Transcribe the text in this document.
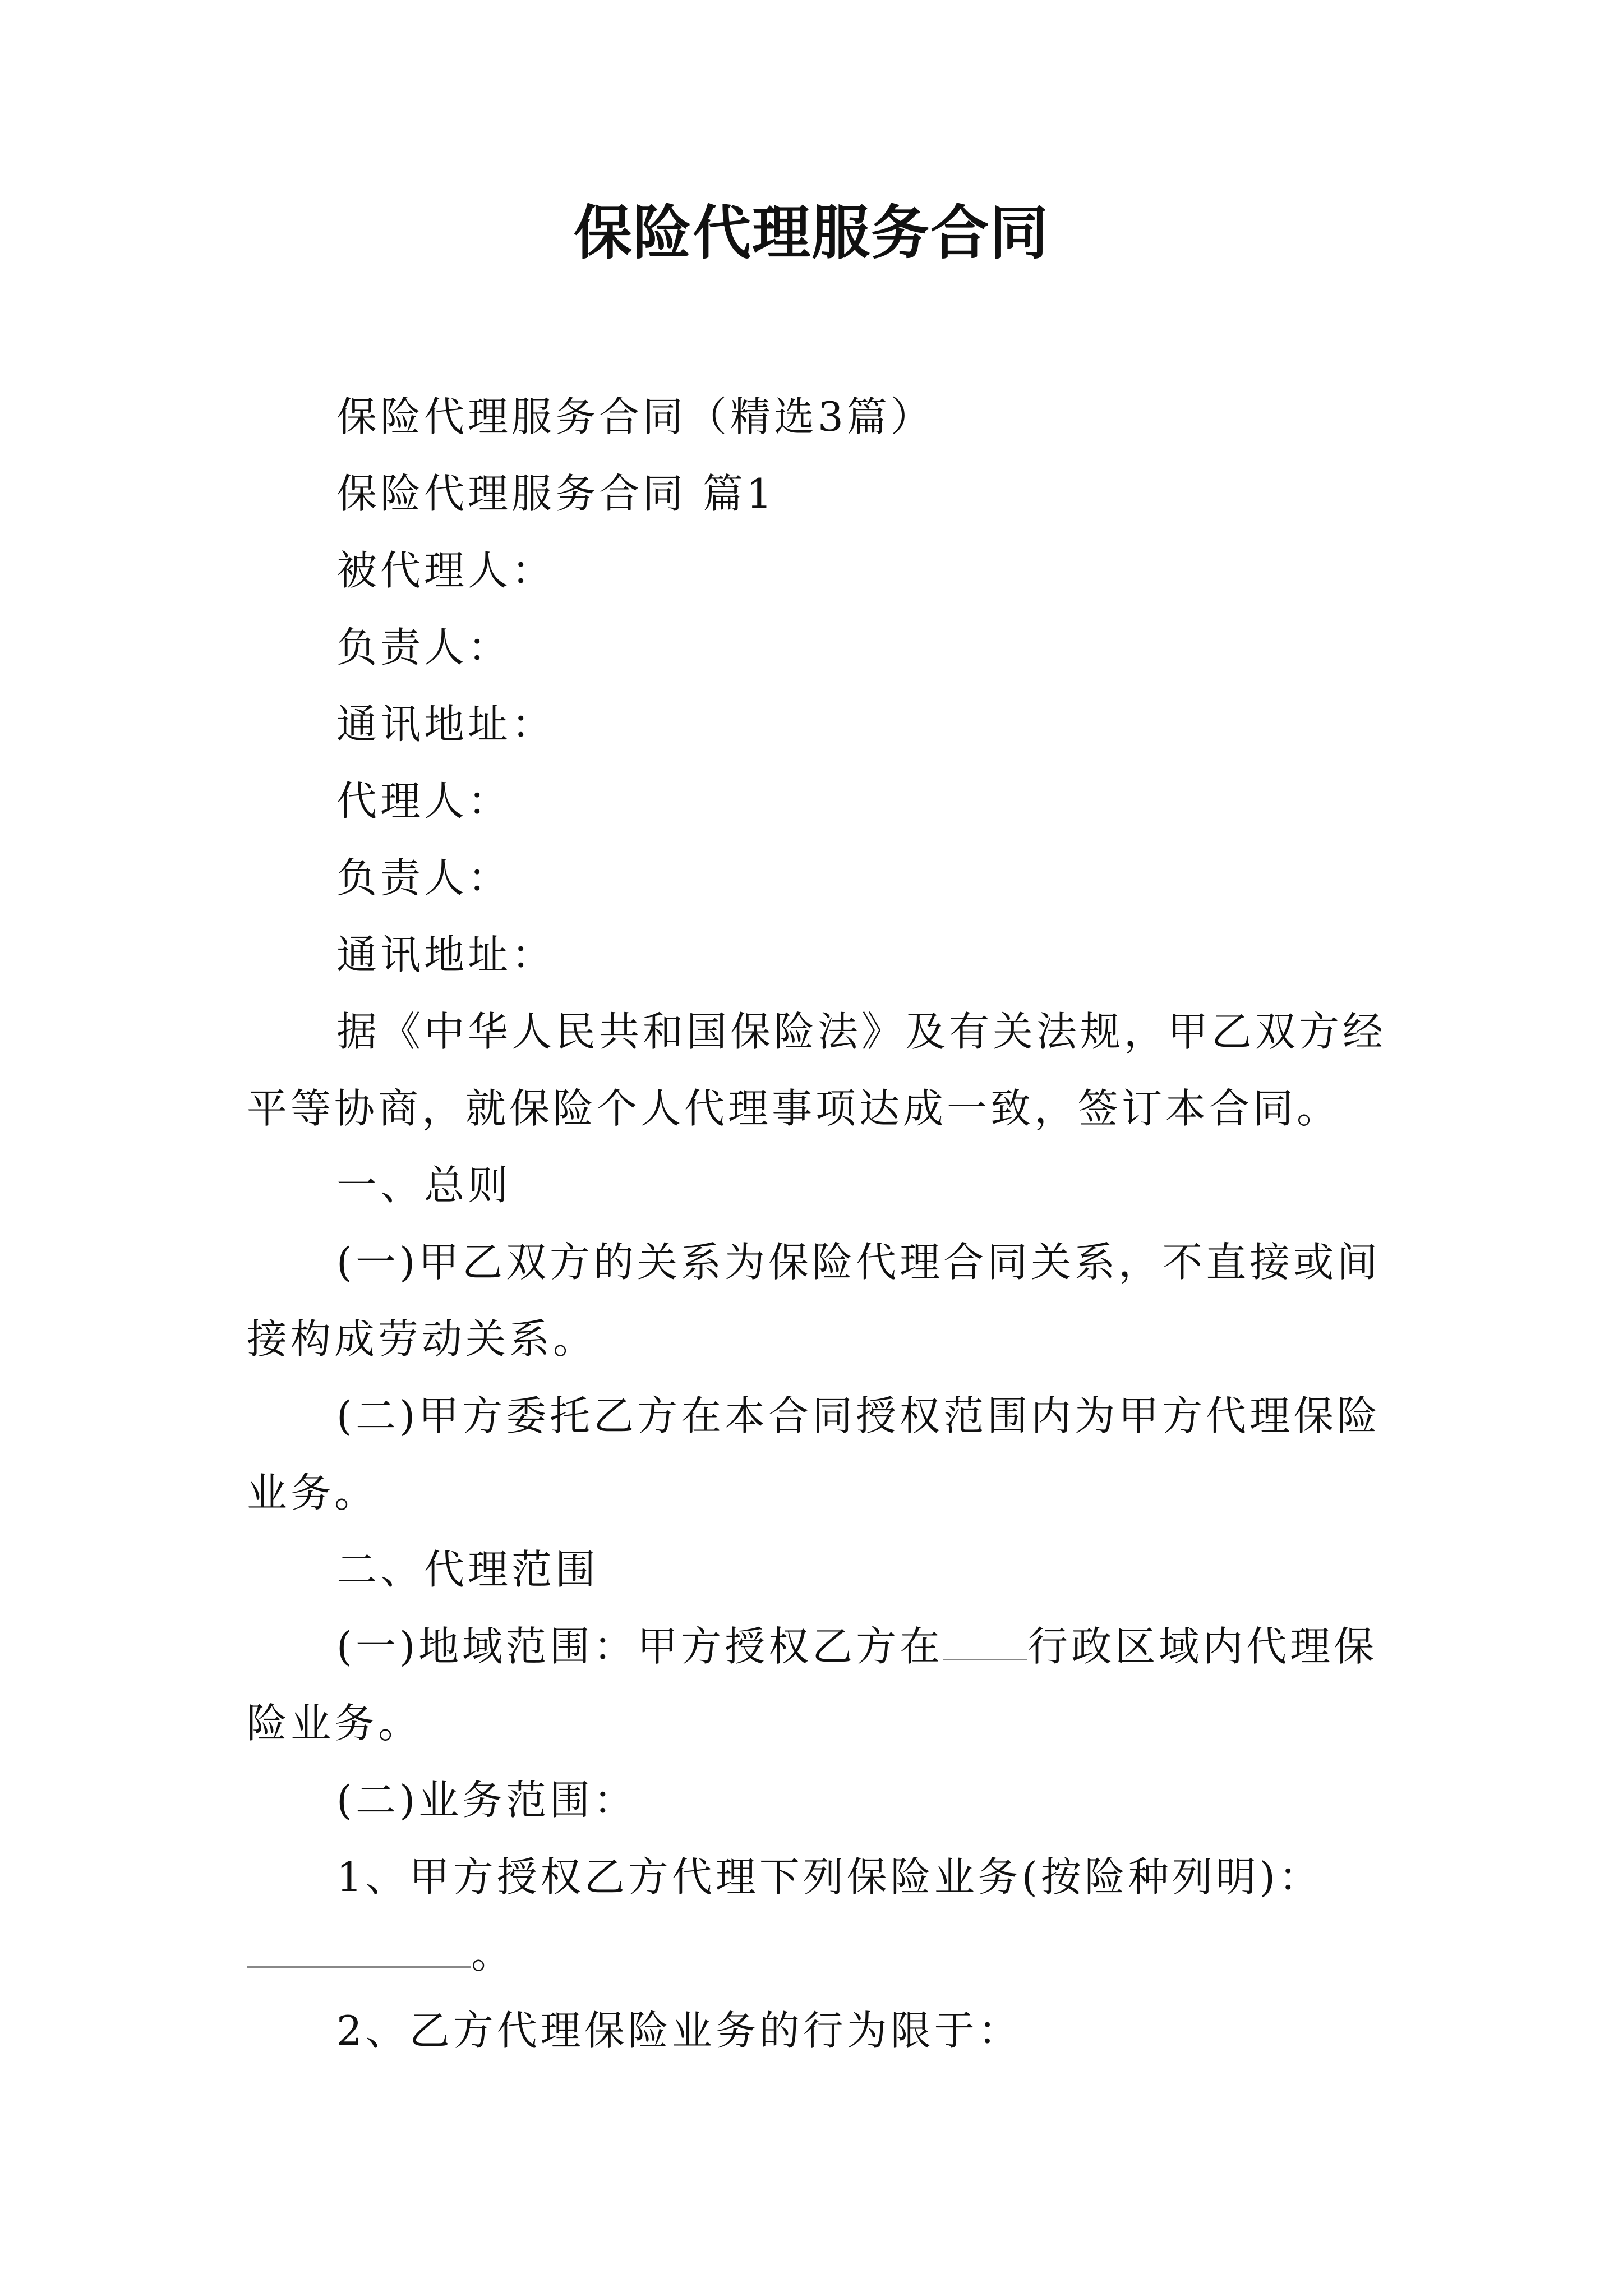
保险代理服务合同

保险代理服务合同（精选3篇）

保险代理服务合同 篇1

被代理人：

负责人：

通讯地址：

代理人：

负责人：

通讯地址：

据《中华人民共和国保险法》及有关法规，甲乙双方经

平等协商，就保险个人代理事项达成一致，签订本合同。

一、总则

(一)甲乙双方的关系为保险代理合同关系，不直接或间

接构成劳动关系。

(二)甲方委托乙方在本合同授权范围内为甲方代理保险

业务。

二、代理范围

(一)地域范围：甲方授权乙方在 行政区域内代理保

险业务。

(二)业务范围：

1、甲方授权乙方代理下列保险业务(按险种列明)：

。

2、乙方代理保险业务的行为限于：
